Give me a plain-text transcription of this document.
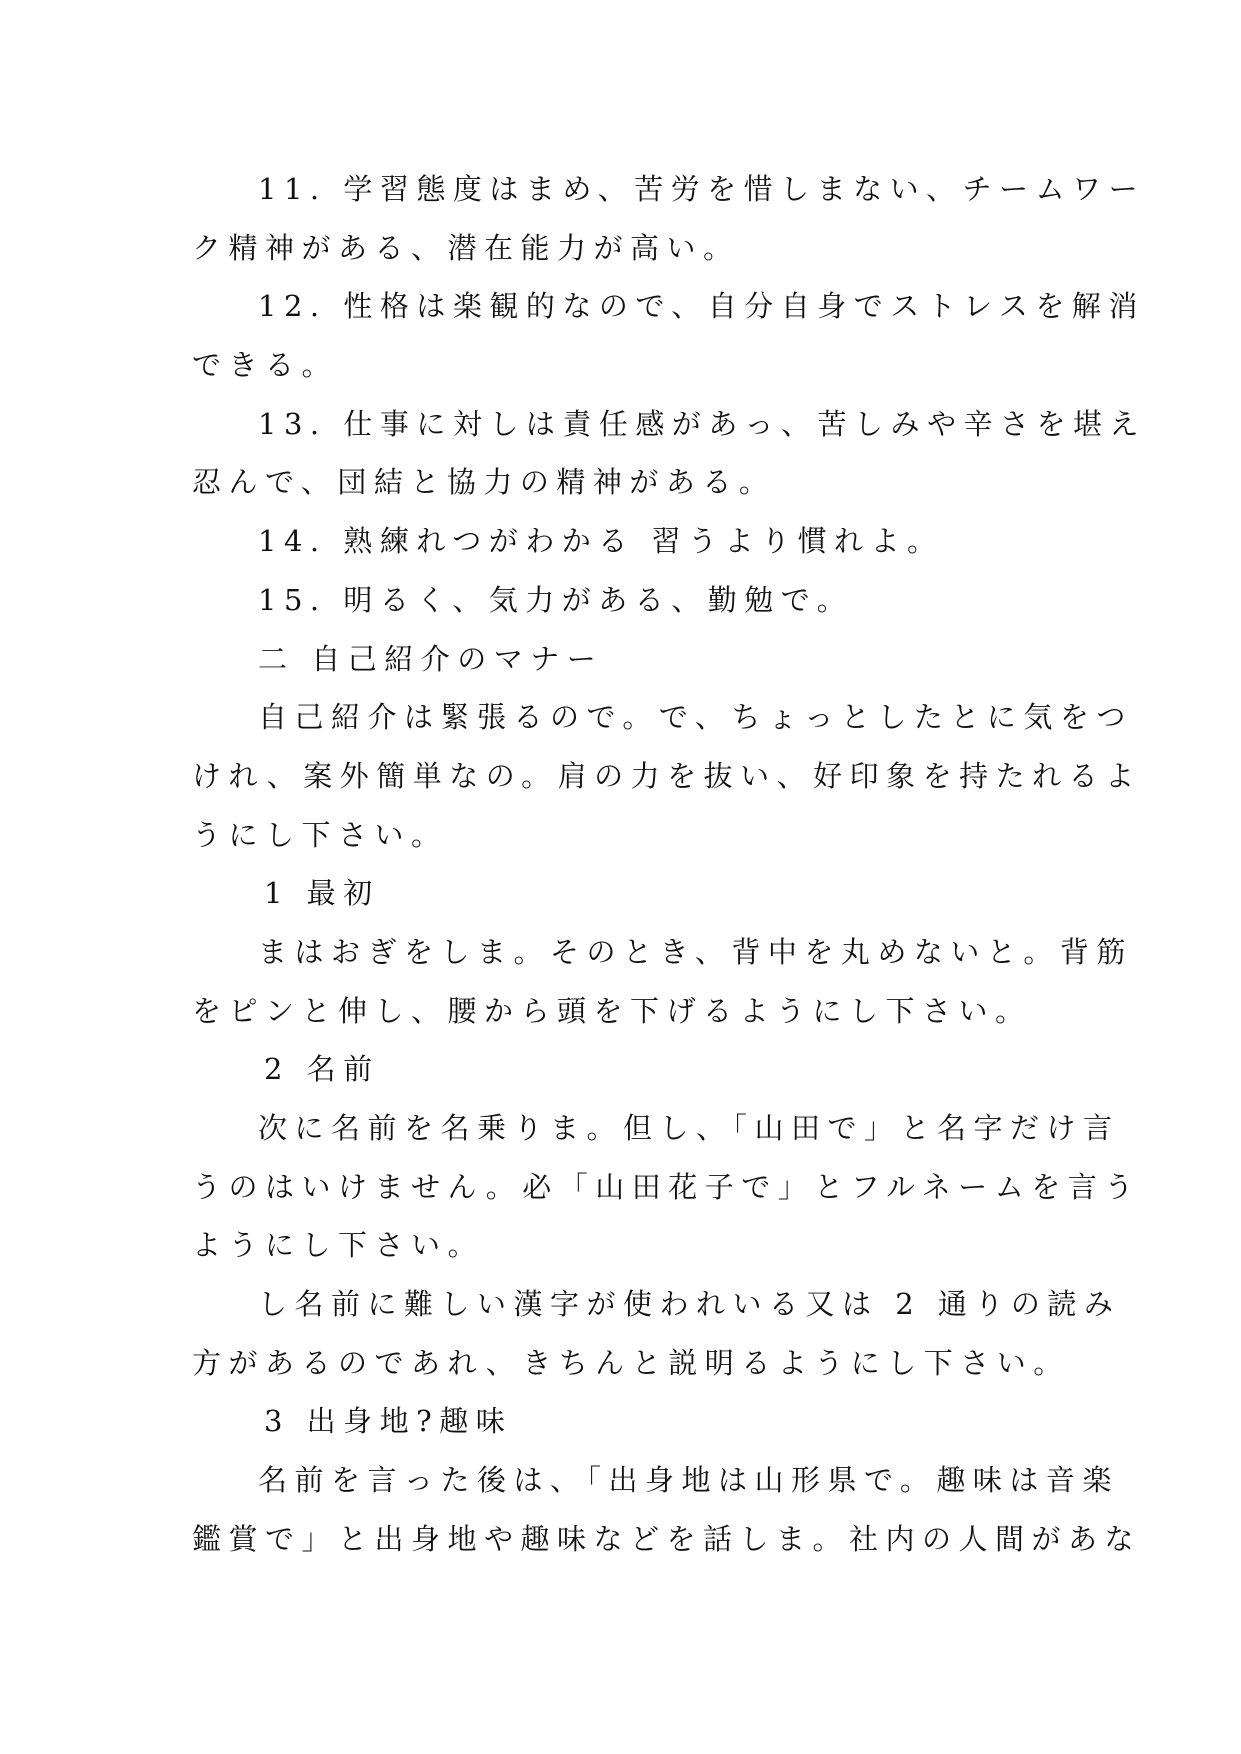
11. 学習態度はまめ、苦労を惜しまない、チームワー
ク精神がある、潜在能力が高い。
12. 性格は楽観的なので、自分自身でストレスを解消
できる。
13. 仕事に対しは責任感があっ、苦しみや辛さを堪え
忍んで、団結と協力の精神がある。
14. 熟練れつがわかる 習うより慣れよ。
15. 明るく、気力がある、勤勉で。
二 自己紹介のマナー
自己紹介は緊張るので。で、ちょっとしたとに気をつ
けれ、案外簡単なの。肩の力を抜い、好印象を持たれるよ
うにし下さい。
1 最初
まはおぎをしま。そのとき、背中を丸めないと。背筋
をピンと伸し、腰から頭を下げるようにし下さい。
2 名前
次に名前を名乗りま。但し、「山田で」と名字だけ言
うのはいけません。必「山田花子で」とフルネームを言う
ようにし下さい。
し名前に難しい漢字が使われいる又は 2 通りの読み
方があるのであれ、きちんと説明るようにし下さい。
3 出身地?趣味
名前を言った後は、「出身地は山形県で。趣味は音楽
鑑賞で」と出身地や趣味などを話しま。社内の人間があな
